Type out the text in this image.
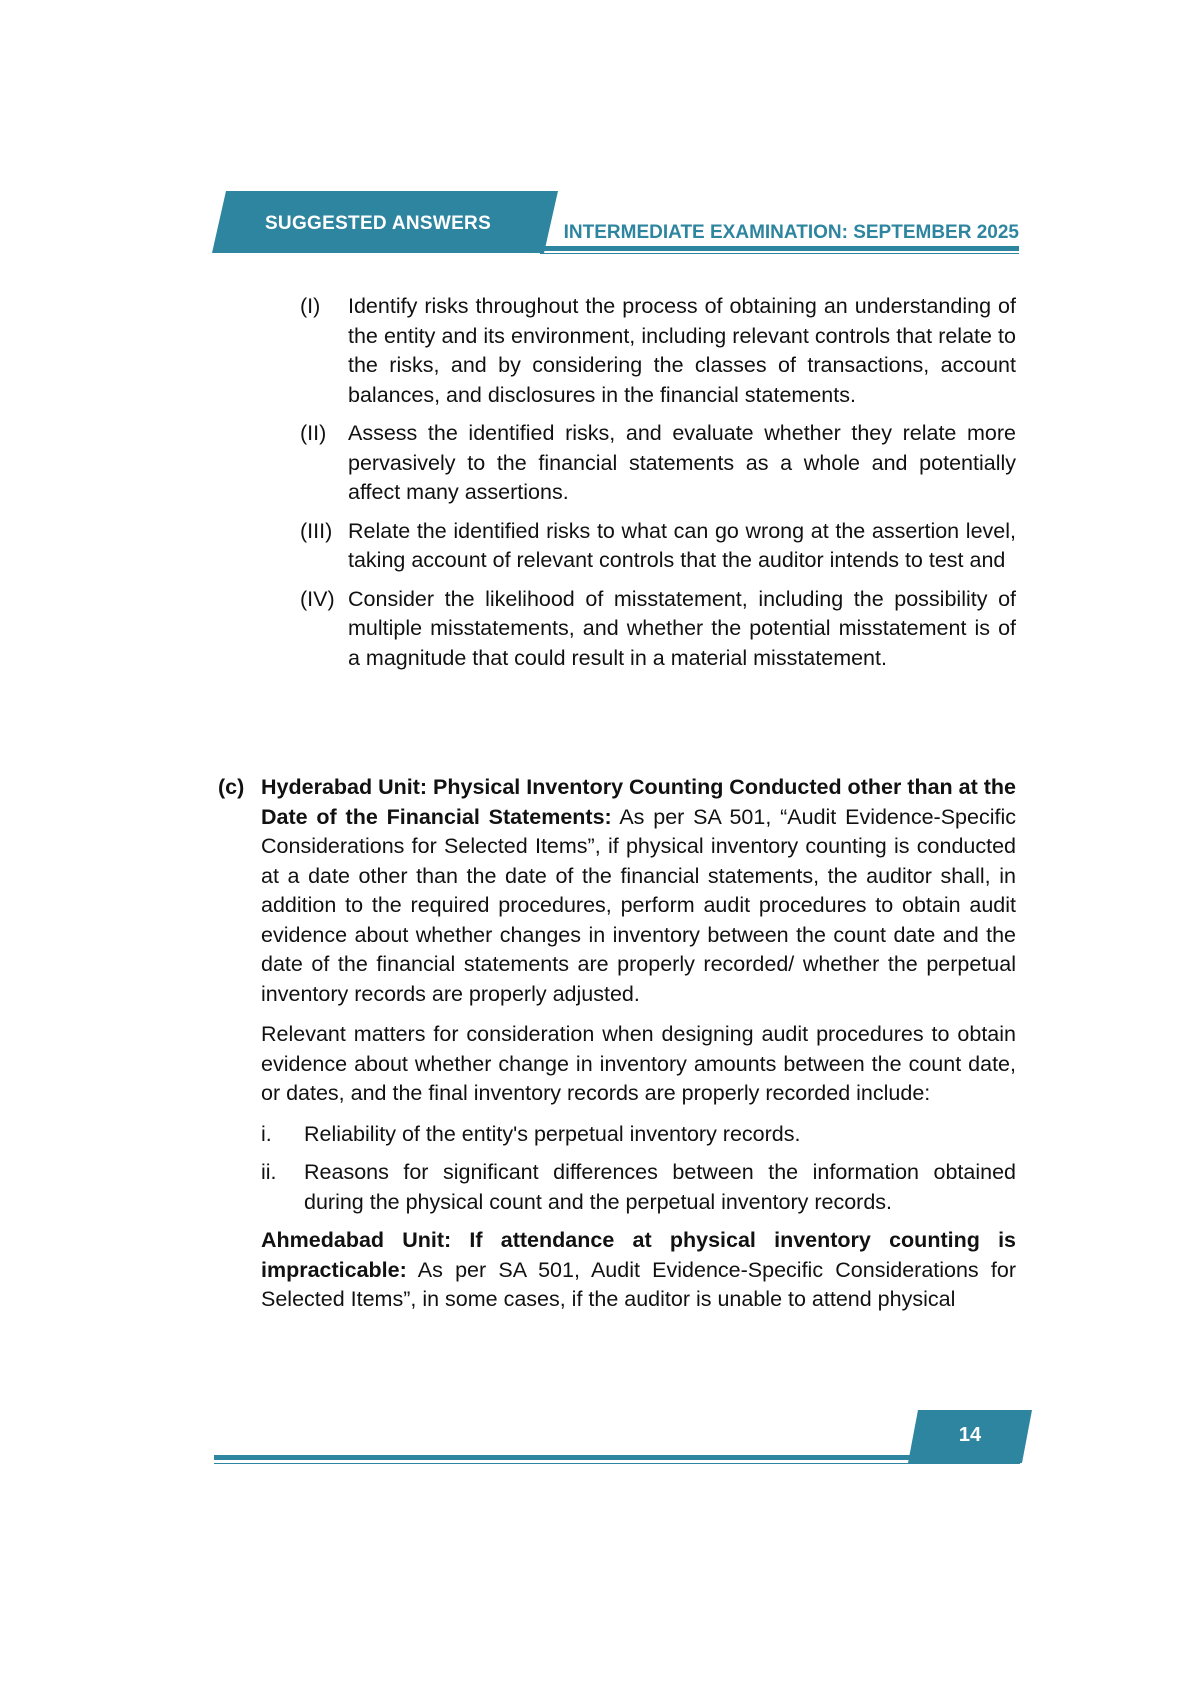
SUGGESTED ANSWERS	INTERMEDIATE EXAMINATION: SEPTEMBER 2025
(I) Identify risks throughout the process of obtaining an understanding of the entity and its environment, including relevant controls that relate to the risks, and by considering the classes of transactions, account balances, and disclosures in the financial statements.
(II) Assess the identified risks, and evaluate whether they relate more pervasively to the financial statements as a whole and potentially affect many assertions.
(III) Relate the identified risks to what can go wrong at the assertion level, taking account of relevant controls that the auditor intends to test and
(IV) Consider the likelihood of misstatement, including the possibility of multiple misstatements, and whether the potential misstatement is of a magnitude that could result in a material misstatement.
(c) Hyderabad Unit: Physical Inventory Counting Conducted other than at the Date of the Financial Statements: As per SA 501, “Audit Evidence-Specific Considerations for Selected Items”, if physical inventory counting is conducted at a date other than the date of the financial statements, the auditor shall, in addition to the required procedures, perform audit procedures to obtain audit evidence about whether changes in inventory between the count date and the date of the financial statements are properly recorded/ whether the perpetual inventory records are properly adjusted.

Relevant matters for consideration when designing audit procedures to obtain evidence about whether change in inventory amounts between the count date, or dates, and the final inventory records are properly recorded include:

i. Reliability of the entity's perpetual inventory records.
ii. Reasons for significant differences between the information obtained during the physical count and the perpetual inventory records.

Ahmedabad Unit: If attendance at physical inventory counting is impracticable: As per SA 501, Audit Evidence-Specific Considerations for Selected Items”, in some cases, if the auditor is unable to attend physical

14
